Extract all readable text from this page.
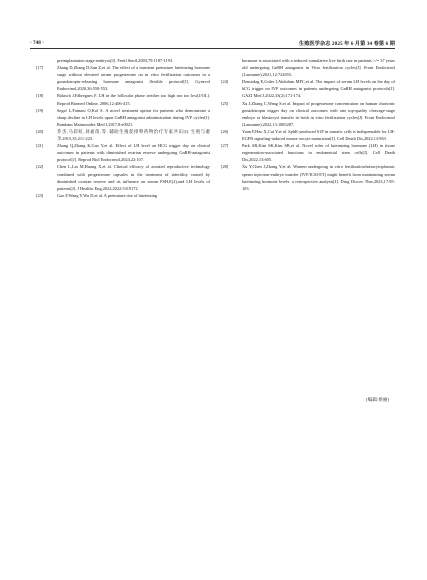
· 748 ·	生殖医学杂志 2025 年 6 月第 34 卷第 6 期
preimplantation stage embryos[J]. Fertil Steril,2003,79:1187-1193.
[17]	Zhang D,Zhang D,Sun Z,et al. The effect of a transient premature luteinizing hormone surge without elevated serum progesterone on in vitro fertilization outcomes in a gonadotropin-releasing hormone antagonist flexible protocol[J]. Gynecol Endocrinol,2020,36:550-553.
[18]	Balasch J,Fábregues F. LH in the follicular phase: neither too high nor too low[J/OL]. Reprod Biomed Online, 2006,12:406-415.
[19]	Segal L,Fainaru O,Kol S. A novel treatment option for patients who demonstrate a sharp decline in LH levels upon GnRH antagonist administration during IVF cycles[J]. Rambam Maimonides Med J,2017,8:e0021.
[20]	乔杰,马彩虹,刘嘉茵,等. 辅助生殖促排卵药物治疗专家共识[J]. 生殖与避孕,2015,35:211-223.
[21]	Zhang Q,Zhang K,Gao Y,et al. Effect of LH level on HCG trigger day on clinical outcomes in patients with diminished ovarian reserve undergoing GnRH-antagonist protocol[J]. Reprod Biol Endocrinol,2024,22:107.
[22]	Chen L,Lai M,Huang X,et al. Clinical efficacy of assisted reproductive technology combined with progesterone capsules in the treatment of infertility caused by diminished ovarian reserve and its influence on serum FSH,E(2),and LH levels of patients[J]. J Healthc Eng,2022,2022:5319172.
[23]	Gao F,Wang Y,Wu D,et al. A premature rise of luteinizing
hormone is associated with a reduced cumulative live birth rate in patients >/= 37 years old undergoing GnRH antagonist in Vitro fertilization cycles[J]. Front Endocrinol (Lausanne),2021,12:722655.
[24]	Demirdag E,Guler I,Akdulum MFC,et al. The impact of serum LH levels on the day of hCG trigger on IVF outcomes in patients undergoing GnRH antagonist protocols[J]. GAZI Med J,2022,33(2):171-174.
[25]	Xu J,Zhang C,Wang S,et al. Impact of progesterone concentration on human chorionic gonadotropin trigger day on clinical outcomes with one top-quality cleavage-stage embryo or blastocyst transfer in fresh in vitro fertilization cycles[J]. Front Endocrinol (Lausanne),2022,13:1085287.
[26]	Yuan F,Hao X,Cui Y,et al. SphK-produced S1P in somatic cells is indispensable for LH-EGFR signaling-induced mouse oocyte maturation[J]. Cell Death Dis,2022,13:963.
[27]	Park SR,Kim SK,Kim SR,et al. Novel roles of luteinizing hormone (LH) in tissue regeneration-associated functions in endometrial stem cells[J]. Cell Death Dis,2022,13:605.
[28]	Xu Y,Chen J,Zhang Y,et al. Women undergoing in vitro fertilization/intracytoplasmic sperm injection-embryo transfer (IVF/ICSI-ET) might benefit from maintaining serum luteinizing hormone levels: a retrospective analysis[J]. Drug Discov Ther,2023,17:95-103.
[编辑:侯丽]
